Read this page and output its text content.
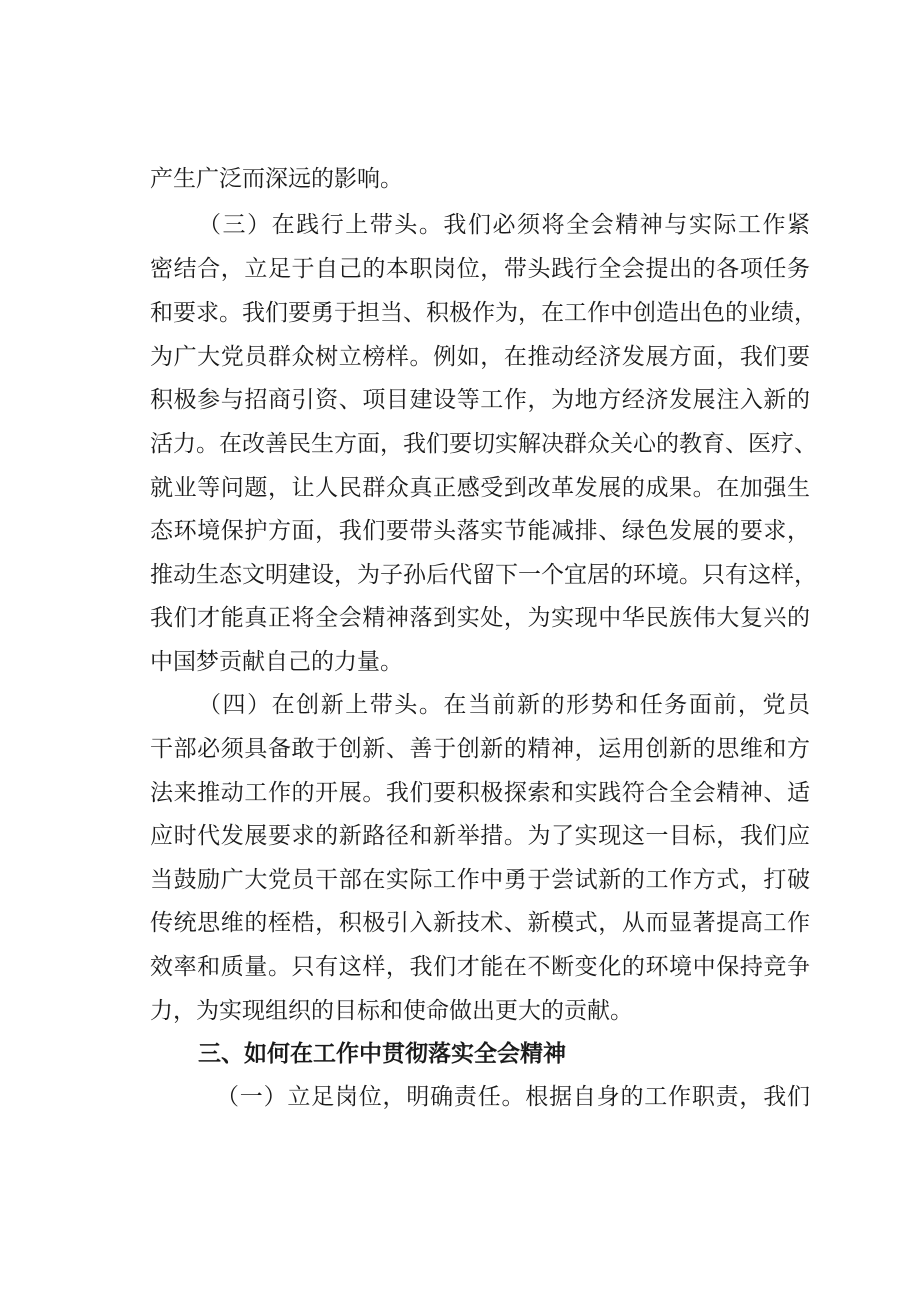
产生广泛而深远的影响。

（三）在践行上带头。我们必须将全会精神与实际工作紧

密结合，立足于自己的本职岗位，带头践行全会提出的各项任务

和要求。我们要勇于担当、积极作为，在工作中创造出色的业绩，

为广大党员群众树立榜样。例如，在推动经济发展方面，我们要

积极参与招商引资、项目建设等工作，为地方经济发展注入新的

活力。在改善民生方面，我们要切实解决群众关心的教育、医疗、

就业等问题，让人民群众真正感受到改革发展的成果。在加强生

态环境保护方面，我们要带头落实节能减排、绿色发展的要求，

推动生态文明建设，为子孙后代留下一个宜居的环境。只有这样，

我们才能真正将全会精神落到实处，为实现中华民族伟大复兴的

中国梦贡献自己的力量。

（四）在创新上带头。在当前新的形势和任务面前，党员

干部必须具备敢于创新、善于创新的精神，运用创新的思维和方

法来推动工作的开展。我们要积极探索和实践符合全会精神、适

应时代发展要求的新路径和新举措。为了实现这一目标，我们应

当鼓励广大党员干部在实际工作中勇于尝试新的工作方式，打破

传统思维的桎梏，积极引入新技术、新模式，从而显著提高工作

效率和质量。只有这样，我们才能在不断变化的环境中保持竞争

力，为实现组织的目标和使命做出更大的贡献。

三、如何在工作中贯彻落实全会精神

（一）立足岗位，明确责任。根据自身的工作职责，我们
